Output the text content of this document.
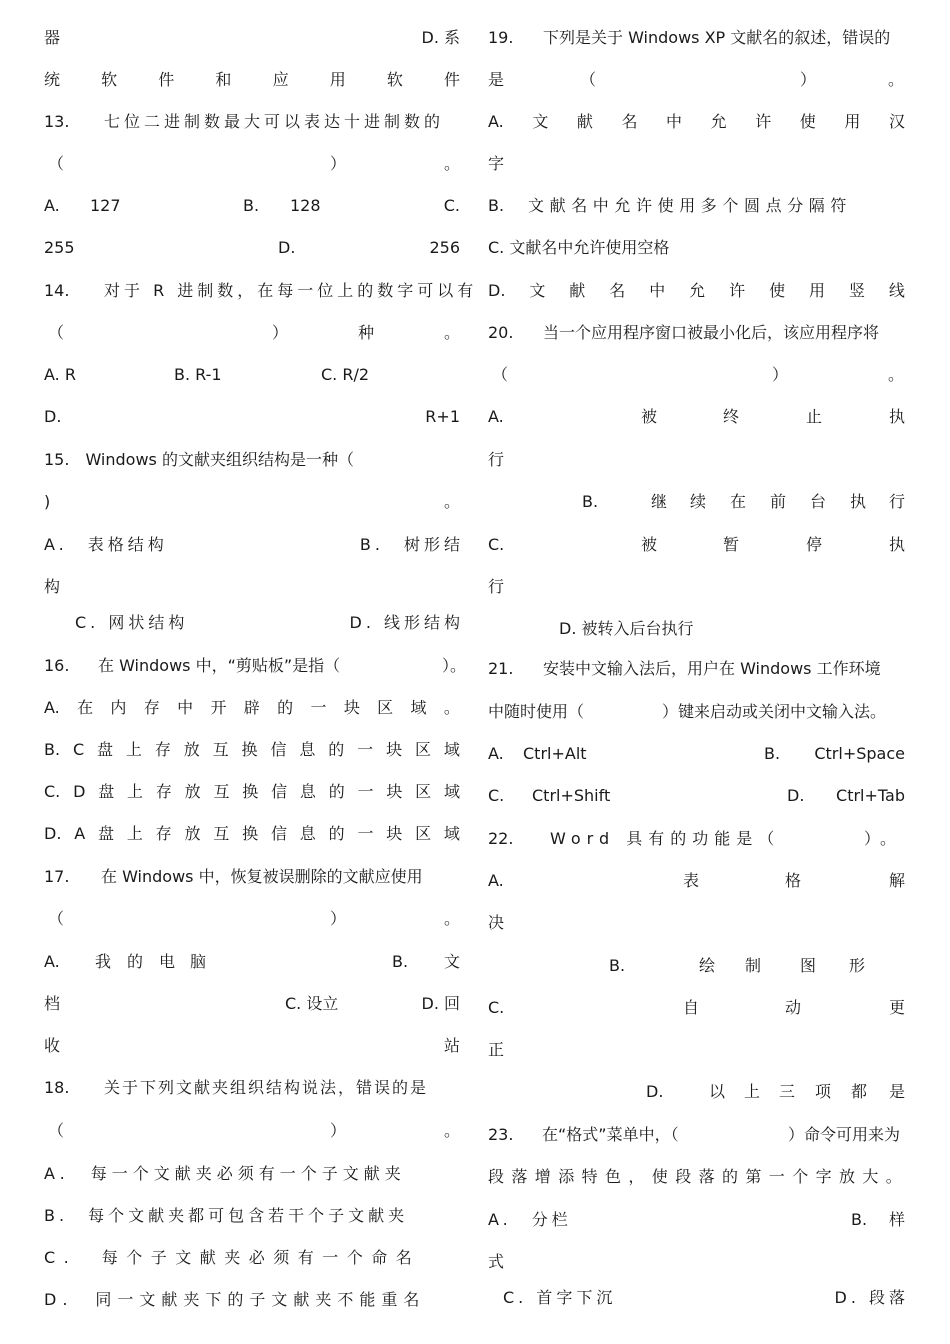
器	D. 系
统	软	件	和	应	用	软	件
13. 七位二进制数最大可以表达十进制数的
（	）	。
A. 127	B. 128	C.
255	D.	256
14. 对于 R 进制数，在每一位上的数字可以有
（	）	种	。
A. R	B. R-1	C. R/2
D.	R+1
15.　Windows 的文献夹组织结构是一种（
)	。
A.　表格结构	B.　树形结
构
C. 网状结构	D. 线形结构
16. 在 Windows 中，“剪贴板”是指（	）。
A. 在 内 存 中 开 辟 的 一 块 区 域 。
B. C 盘 上 存 放 互 换 信 息 的 一 块 区 域
C. D 盘 上 存 放 互 换 信 息 的 一 块 区 域
D. A 盘 上 存 放 互 换 信 息 的 一 块 区 域
17. 在 Windows 中，恢复被误删除的文献应使用
（	）	。
A. 我 的 电 脑	B. 文
档	C. 设立	D. 回
收	站
18. 关于下列文献夹组织结构说法，错误的是
（	）	。
A.　每一个文献夹必须有一个子文献夹
B.　每个文献夹都可包含若干个子文献夹
C.　每个子文献夹必须有一个命名
D.　同一文献夹下的子文献夹不能重名
19. 下列是关于 Windows XP 文献名的叙述，错误的
是	（	）	。
A. 文 献 名 中 允 许 使 用 汉
字
B. 文献名中允许使用多个圆点分隔符
C. 文献名中允许使用空格
D. 文 献 名 中 允 许 使 用 竖 线
20. 当一个应用程序窗口被最小化后，该应用程序将
（	）	。
A.	被	终	止	执
行
B.	继 续 在 前 台 执 行
C.	被	暂	停	执
行
D. 被转入后台执行
21. 安装中文输入法后，用户在 Windows 工作环境
中随时使用（	）键来启动或关闭中文输入法。
A. Ctrl+Alt	B. Ctrl+Space
C. Ctrl+Shift	D. Ctrl+Tab
22. Word 具有的功能是（	）。
A.	表	格	解
决
B.	绘 制 图 形
C.	自	动	更
正
D.	以 上 三 项 都 是
23. 在“格式”菜单中，（	）命令可用来为
段落增添特色，使段落的第一个字放大。
A.　分栏	B. 样
式
C. 首字下沉	D. 段落
